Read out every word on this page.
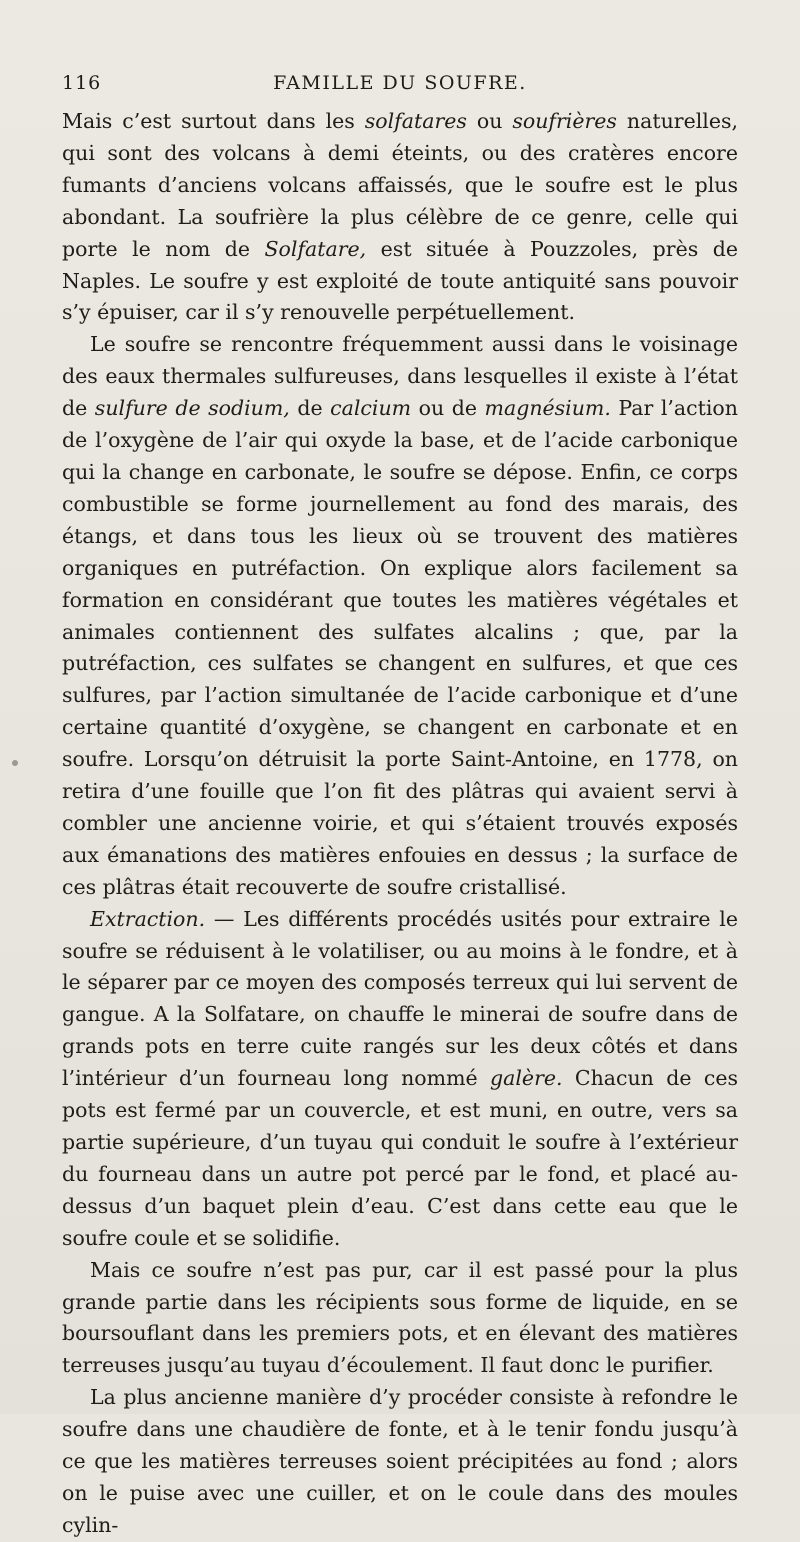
116	FAMILLE DU SOUFRE.

Mais c’est surtout dans les solfatares ou soufrières naturelles, qui sont des volcans à demi éteints, ou des cratères encore fumants d’anciens volcans affaissés, que le soufre est le plus abondant. La soufrière la plus célèbre de ce genre, celle qui porte le nom de Solfatare, est située à Pouzzoles, près de Naples. Le soufre y est exploité de toute antiquité sans pouvoir s’y épuiser, car il s’y renouvelle perpétuellement.

Le soufre se rencontre fréquemment aussi dans le voisinage des eaux thermales sulfureuses, dans lesquelles il existe à l’état de sulfure de sodium, de calcium ou de magnésium. Par l’action de l’oxygène de l’air qui oxyde la base, et de l’acide carbonique qui la change en carbonate, le soufre se dépose. Enfin, ce corps combustible se forme journellement au fond des marais, des étangs, et dans tous les lieux où se trouvent des matières organiques en putréfaction. On explique alors facilement sa formation en considérant que toutes les matières végétales et animales contiennent des sulfates alcalins ; que, par la putréfaction, ces sulfates se changent en sulfures, et que ces sulfures, par l’action simultanée de l’acide carbonique et d’une certaine quantité d’oxygène, se changent en carbonate et en soufre. Lorsqu’on détruisit la porte Saint-Antoine, en 1778, on retira d’une fouille que l’on fit des plâtras qui avaient servi à combler une ancienne voirie, et qui s’étaient trouvés exposés aux émanations des matières enfouies en dessus ; la surface de ces plâtras était recouverte de soufre cristallisé.

Extraction. — Les différents procédés usités pour extraire le soufre se réduisent à le volatiliser, ou au moins à le fondre, et à le séparer par ce moyen des composés terreux qui lui servent de gangue. A la Solfatare, on chauffe le minerai de soufre dans de grands pots en terre cuite rangés sur les deux côtés et dans l’intérieur d’un fourneau long nommé galère. Chacun de ces pots est fermé par un couvercle, et est muni, en outre, vers sa partie supérieure, d’un tuyau qui conduit le soufre à l’extérieur du fourneau dans un autre pot percé par le fond, et placé au-dessus d’un baquet plein d’eau. C’est dans cette eau que le soufre coule et se solidifie.

Mais ce soufre n’est pas pur, car il est passé pour la plus grande partie dans les récipients sous forme de liquide, en se boursouflant dans les premiers pots, et en élevant des matières terreuses jusqu’au tuyau d’écoulement. Il faut donc le purifier.

La plus ancienne manière d’y procéder consiste à refondre le soufre dans une chaudière de fonte, et à le tenir fondu jusqu’à ce que les matières terreuses soient précipitées au fond ; alors on le puise avec une cuiller, et on le coule dans des moules cylin-
